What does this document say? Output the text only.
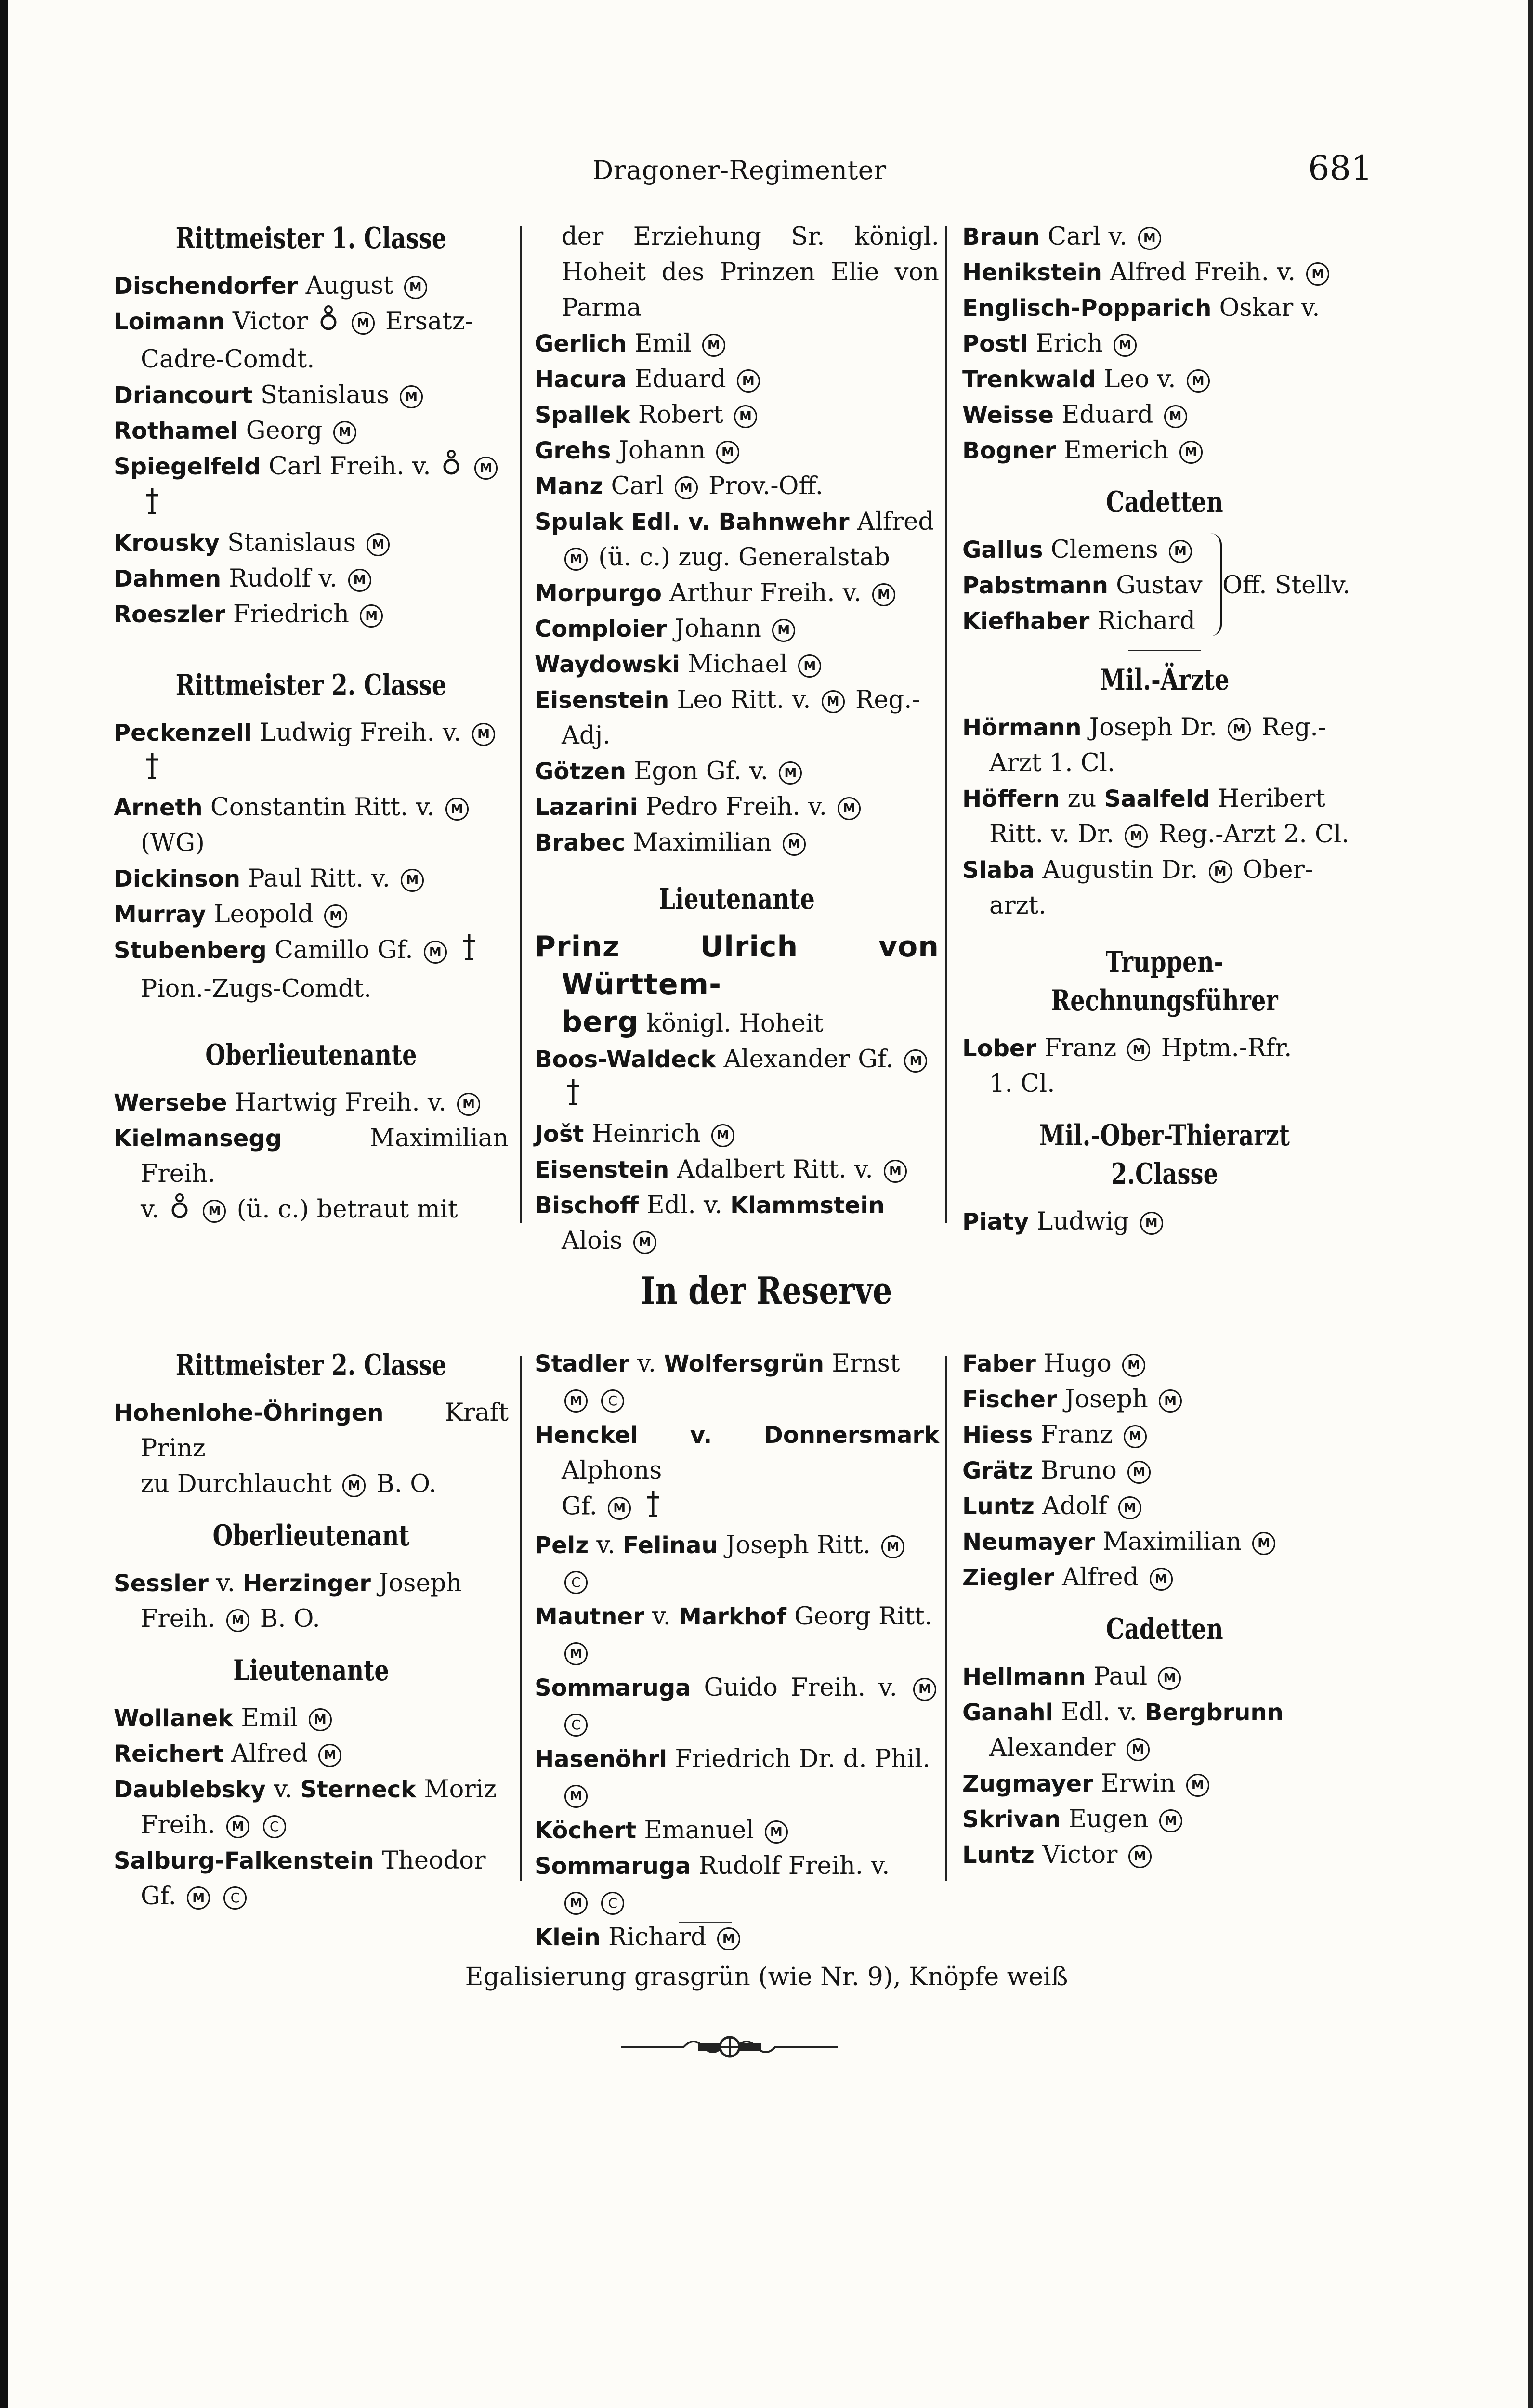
Dragoner-Regimenter	681
Rittmeister 1. Classe

Dischendorfer August M

Loimann Victor	M Ersatz-

Cadre-Comdt.

Driancourt Stanislaus M

Rothamel Georg M

Spiegelfeld Carl Freih. v.	M

Krousky Stanislaus M

Dahmen Rudolf v. M

Roeszler Friedrich M

Rittmeister 2. Classe

Peckenzell Ludwig Freih. v. M

Arneth Constantin Ritt. v. M

(WG)

Dickinson Paul Ritt. v. M

Murray Leopold M

Stubenberg Camillo Gf. M

Pion.-Zugs-Comdt.

Oberlieutenante

Wersebe Hartwig Freih. v. M

Kielmansegg	Maximilian Freih.

v.	M (ü. c.) betraut mit

der Erziehung Sr. königl. Hoheit des Prinzen Elie von Parma

Gerlich Emil M

Hacura Eduard M

Spallek Robert M

Grehs Johann M

Manz Carl M Prov.-Off.

Spulak Edl. v. Bahnwehr Alfred

M (ü. c.) zug. Generalstab

Morpurgo Arthur Freih. v. M

Comploier Johann M

Waydowski Michael M

Eisenstein Leo Ritt. v. M Reg.-

Adj.

Götzen Egon Gf. v. M

Lazarini Pedro Freih. v. M

Brabec Maximilian M

Lieutenante

Prinz Ulrich von Württem-

berg königl. Hoheit

Boos-Waldeck Alexander Gf. M

Jošt Heinrich M

Eisenstein Adalbert Ritt. v. M

Bischoff Edl. v. Klammstein

Alois M

Braun Carl v. M

Henikstein Alfred Freih. v. M

Englisch-Popparich Oskar v.

Postl Erich M

Trenkwald Leo v. M

Weisse Eduard M

Bogner Emerich M

Cadetten

Gallus Clemens M

Pabstmann Gustav

Kiefhaber Richard

Off. Stellv.
Mil.-Ärzte

Hörmann Joseph Dr. M Reg.-

Arzt 1. Cl.

Höffern zu Saalfeld Heribert

Ritt. v. Dr. M Reg.-Arzt 2. Cl.

Slaba Augustin Dr. M Ober-

arzt.

Truppen-Rechnungsführer

Lober Franz M Hptm.-Rfr.

1. Cl.

Mil.-Ober-Thierarzt 2.Classe

Piaty Ludwig M

In der Reserve
Rittmeister 2. Classe

Hohenlohe-Öhringen Kraft Prinz

zu Durchlaucht M B. O.

Oberlieutenant

Sessler v. Herzinger Joseph

Freih. M B. O.

Lieutenante

Wollanek Emil M

Reichert Alfred M

Daublebsky v. Sterneck Moriz

Freih. M C

Salburg-Falkenstein Theodor

Gf. M C

Stadler v. Wolfersgrün Ernst

M C

Henckel v. Donnersmark Alphons

Gf. M

Pelz v. Felinau Joseph Ritt. M

C

Mautner v. Markhof Georg Ritt.

M

Sommaruga Guido Freih. v. MC

Hasenöhrl Friedrich Dr. d. Phil.

M

Köchert Emanuel M

Sommaruga Rudolf Freih. v.

M C

Klein Richard M

Faber Hugo M

Fischer Joseph M

Hiess Franz M

Grätz Bruno M

Luntz Adolf M

Neumayer Maximilian M

Ziegler Alfred M

Cadetten

Hellmann Paul M

Ganahl Edl. v. Bergbrunn

Alexander M

Zugmayer Erwin M

Skrivan Eugen M

Luntz Victor M

Egalisierung grasgrün (wie Nr. 9), Knöpfe weiß
